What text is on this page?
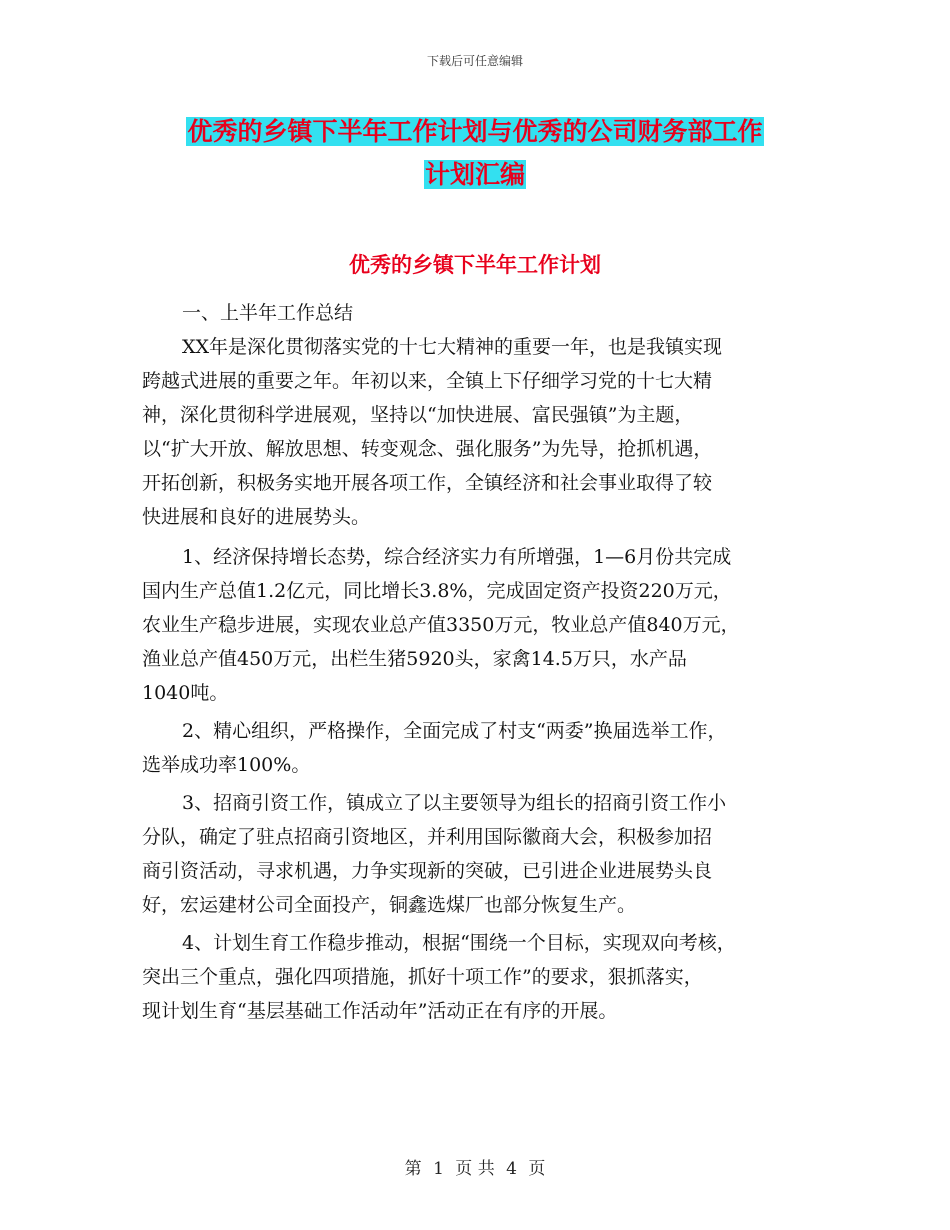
下载后可任意编辑
优秀的乡镇下半年工作计划与优秀的公司财务部工作
计划汇编
优秀的乡镇下半年工作计划
一、上半年工作总结
XX年是深化贯彻落实党的十七大精神的重要一年，也是我镇实现
跨越式进展的重要之年。年初以来，全镇上下仔细学习党的十七大精
神，深化贯彻科学进展观，坚持以“加快进展、富民强镇”为主题，
以“扩大开放、解放思想、转变观念、强化服务”为先导，抢抓机遇，
开拓创新，积极务实地开展各项工作，全镇经济和社会事业取得了较
快进展和良好的进展势头。
1、经济保持增长态势，综合经济实力有所增强，1—6月份共完成
国内生产总值1.2亿元，同比增长3.8%，完成固定资产投资220万元，
农业生产稳步进展，实现农业总产值3350万元，牧业总产值840万元，
渔业总产值450万元，出栏生猪5920头，家禽14.5万只，水产品
1040吨。
2、精心组织，严格操作，全面完成了村支“两委”换届选举工作，
选举成功率100%。
3、招商引资工作，镇成立了以主要领导为组长的招商引资工作小
分队，确定了驻点招商引资地区，并利用国际徽商大会，积极参加招
商引资活动，寻求机遇，力争实现新的突破，已引进企业进展势头良
好，宏运建材公司全面投产，铜鑫选煤厂也部分恢复生产。
4、计划生育工作稳步推动，根据“围绕一个目标，实现双向考核，
突出三个重点，强化四项措施，抓好十项工作”的要求，狠抓落实，
现计划生育“基层基础工作活动年”活动正在有序的开展。
第 1 页 共 4 页
